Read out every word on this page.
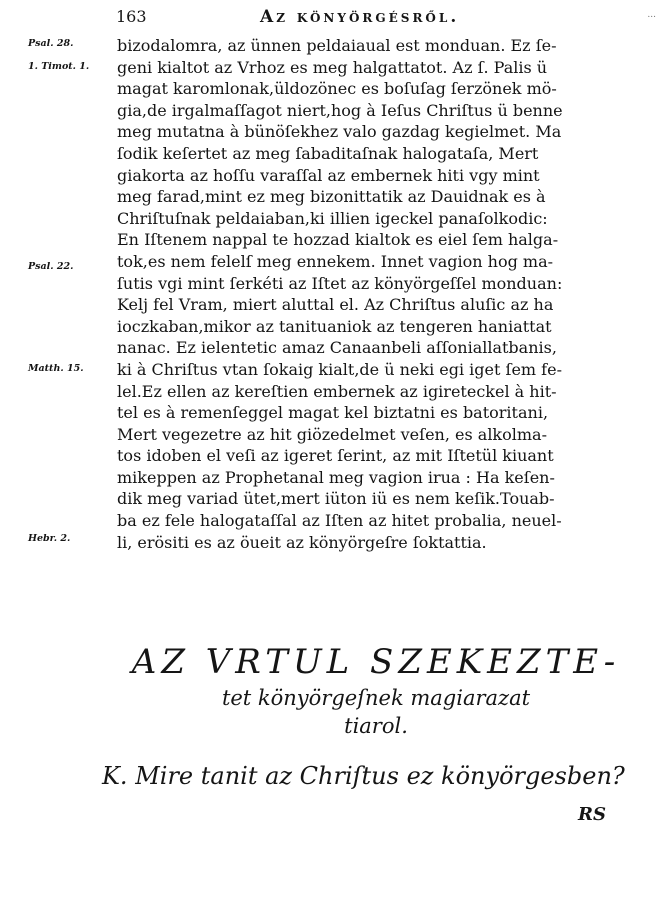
163	Az könyörgésről.	...
Psal. 28.
1. Timot. 1.
Psal. 22.
Matth. 15.
Hebr. 2.
bizodalomra, az ünnen peldaiaual est monduan. Ez ſe-
geni kialtot az Vrhoz es meg halgattatot. Az ſ. Palis ü
magat karomlonak,üldozönec es boſuſag ſerzönek mö-
gia,de irgalmaſſagot niert,hog à Ieſus Chriſtus ü benne
meg mutatna à bünöſekhez valo gazdag kegielmet. Ma
ſodik keſertet az meg ſabaditaſnak halogataſa, Mert
giakorta az hoſſu varaſſal az embernek hiti vgy mint
meg farad,mint ez meg bizonittatik az Dauidnak es à
Chriſtuſnak peldaiaban,ki illien igeckel panaſolkodic:
En Iſtenem nappal te hozzad kialtok es eiel ſem halga-
tok,es nem felelſ meg ennekem. Innet vagion hog ma-
ſutis vgi mint ſerkéti az Iſtet az könyörgeſſel monduan:
Kelj fel Vram, miert aluttal el. Az Chriſtus aluſic az ha
ioczkaban,mikor az tanituaniok az tengeren haniattat
nanac. Ez ielentetic amaz Canaanbeli aſſoniallatbanis,
ki à Chriſtus vtan ſokaig kialt,de ü neki egi iget ſem fe-
lel.Ez ellen az kereſtien embernek az igireteckel à hit-
tel es à remenſeggel magat kel biztatni es batoritani,
Mert vegezetre az hit giözedelmet veſen, es alkolma-
tos idoben el veſi az igeret ſerint, az mit Iſtetül kiuant
mikeppen az Prophetanal meg vagion irua : Ha keſen-
dik meg variad ütet,mert iüton iü es nem keſik.Touab-
ba ez fele halogataſſal az Iſten az hitet probalia, neuel-
li, erösiti es az öueit az könyörgeſre ſoktattia.
AZ VRTUL SZEKEZTE-
tet könyörgeſnek magiarazat
tiarol.
K. Mire tanit az Chriſtus ez könyörgesben?
RS
